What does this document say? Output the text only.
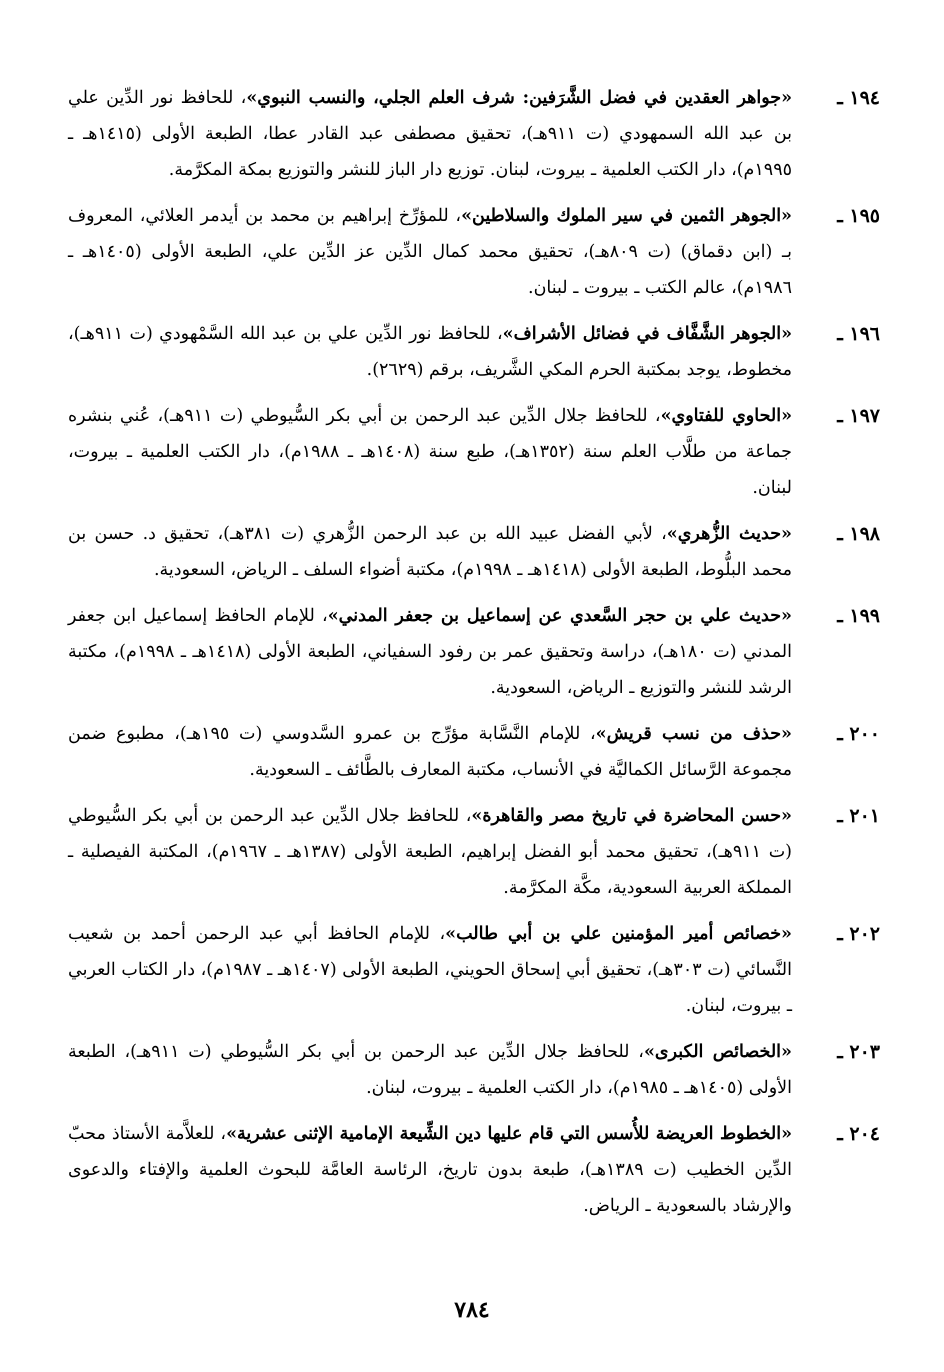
١٩٤ ـ
«جواهر العقدين في فضل الشَّرَفين: شرف العلم الجلي، والنسب النبوي»، للحافظ نور الدِّين علي بن عبد الله السمهودي (ت ٩١١هـ)، تحقيق مصطفى عبد القادر عطا، الطبعة الأولى (١٤١٥هـ ـ ١٩٩٥م)، دار الكتب العلمية ـ بيروت، لبنان. توزيع دار الباز للنشر والتوزيع بمكة المكرَّمة.
١٩٥ ـ
«الجوهر الثمين في سير الملوك والسلاطين»، للمؤرِّخ إبراهيم بن محمد بن أيدمر العلائي، المعروف بـ (ابن دقماق) (ت ٨٠٩هـ)، تحقيق محمد كمال الدِّين عز الدِّين علي، الطبعة الأولى (١٤٠٥هـ ـ ١٩٨٦م)، عالم الكتب ـ بيروت ـ لبنان.
١٩٦ ـ
«الجوهر الشَّفَّاف في فضائل الأشراف»، للحافظ نور الدِّين علي بن عبد الله السَّمْهودي (ت ٩١١هـ)، مخطوط، يوجد بمكتبة الحرم المكي الشَّريف، برقم (٢٦٢٩).
١٩٧ ـ
«الحاوي للفتاوي»، للحافظ جلال الدِّين عبد الرحمن بن أبي بكر السُّيوطي (ت ٩١١هـ)، عُني بنشره جماعة من طلَّاب العلم سنة (١٣٥٢هـ)، طبع سنة (١٤٠٨هـ ـ ١٩٨٨م)، دار الكتب العلمية ـ بيروت، لبنان.
١٩٨ ـ
«حديث الزُّهري»، لأبي الفضل عبيد الله بن عبد الرحمن الزُّهري (ت ٣٨١هـ)، تحقيق د. حسن بن محمد البلُّوط، الطبعة الأولى (١٤١٨هـ ـ ١٩٩٨م)، مكتبة أضواء السلف ـ الرياض، السعودية.
١٩٩ ـ
«حديث علي بن حجر السَّعدي عن إسماعيل بن جعفر المدني»، للإمام الحافظ إسماعيل ابن جعفر المدني (ت ١٨٠هـ)، دراسة وتحقيق عمر بن رفود السفياني، الطبعة الأولى (١٤١٨هـ ـ ١٩٩٨م)، مكتبة الرشد للنشر والتوزيع ـ الرياض، السعودية.
٢٠٠ ـ
«حذف من نسب قريش»، للإمام النَّسَّابة مؤرِّج بن عمرو السَّدوسي (ت ١٩٥هـ)، مطبوع ضمن مجموعة الرَّسائل الكماليَّة في الأنساب، مكتبة المعارف بالطَّائف ـ السعودية.
٢٠١ ـ
«حسن المحاضرة في تاريخ مصر والقاهرة»، للحافظ جلال الدِّين عبد الرحمن بن أبي بكر السُّيوطي (ت ٩١١هـ)، تحقيق محمد أبو الفضل إبراهيم، الطبعة الأولى (١٣٨٧هـ ـ ١٩٦٧م)، المكتبة الفيصلية ـ المملكة العربية السعودية، مكَّة المكرَّمة.
٢٠٢ ـ
«خصائص أمير المؤمنين علي بن أبي طالب»، للإمام الحافظ أبي عبد الرحمن أحمد بن شعيب النَّسائي (ت ٣٠٣هـ)، تحقيق أبي إسحاق الحويني، الطبعة الأولى (١٤٠٧هـ ـ ١٩٨٧م)، دار الكتاب العربي ـ بيروت، لبنان.
٢٠٣ ـ
«الخصائص الكبرى»، للحافظ جلال الدِّين عبد الرحمن بن أبي بكر السُّيوطي (ت ٩١١هـ)، الطبعة الأولى (١٤٠٥هـ ـ ١٩٨٥م)، دار الكتب العلمية ـ بيروت، لبنان.
٢٠٤ ـ
«الخطوط العريضة للأُسس التي قام عليها دين الشِّيعة الإمامية الإثنى عشرية»، للعلاَّمة الأستاذ محبّ الدِّين الخطيب (ت ١٣٨٩هـ)، طبعة بدون تاريخ، الرئاسة العامَّة للبحوث العلمية والإفتاء والدعوى والإرشاد بالسعودية ـ الرياض.
٧٨٤
